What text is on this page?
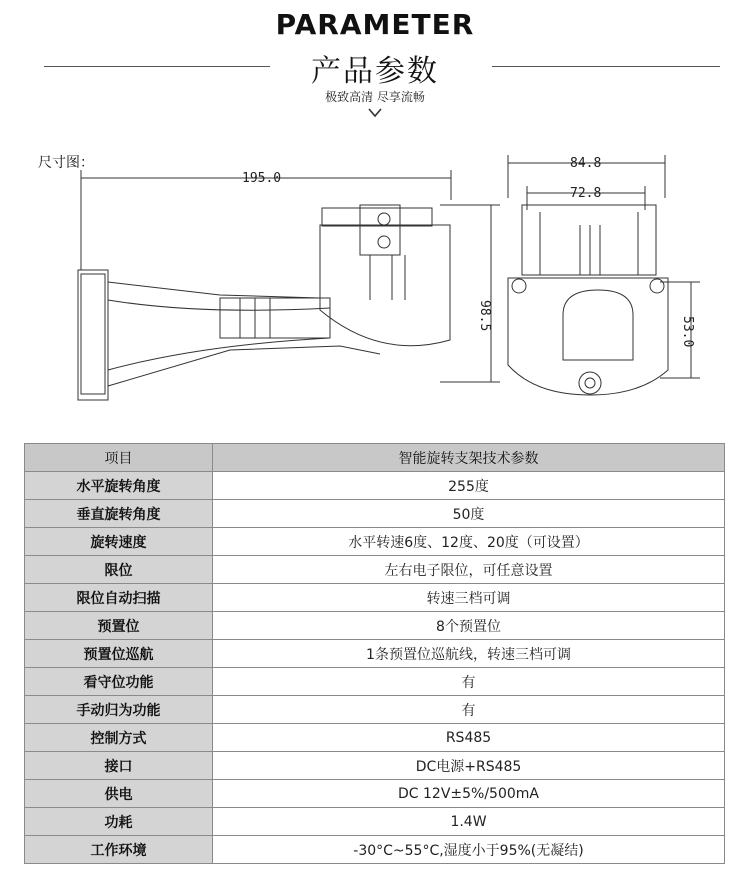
PARAMETER
产品参数
极致高清 尽享流畅
尺寸图：
195.0
98.5
84.8
72.8
53.0
项目	智能旋转支架技术参数
水平旋转角度	255度
垂直旋转角度	50度
旋转速度	水平转速6度、12度、20度（可设置）
限位	左右电子限位，可任意设置
限位自动扫描	转速三档可调
预置位	8个预置位
预置位巡航	1条预置位巡航线，转速三档可调
看守位功能	有
手动归为功能	有
控制方式	RS485
接口	DC电源+RS485
供电	DC 12V±5%/500mA
功耗	1.4W
工作环境	-30°C~55°C,湿度小于95%(无凝结)
